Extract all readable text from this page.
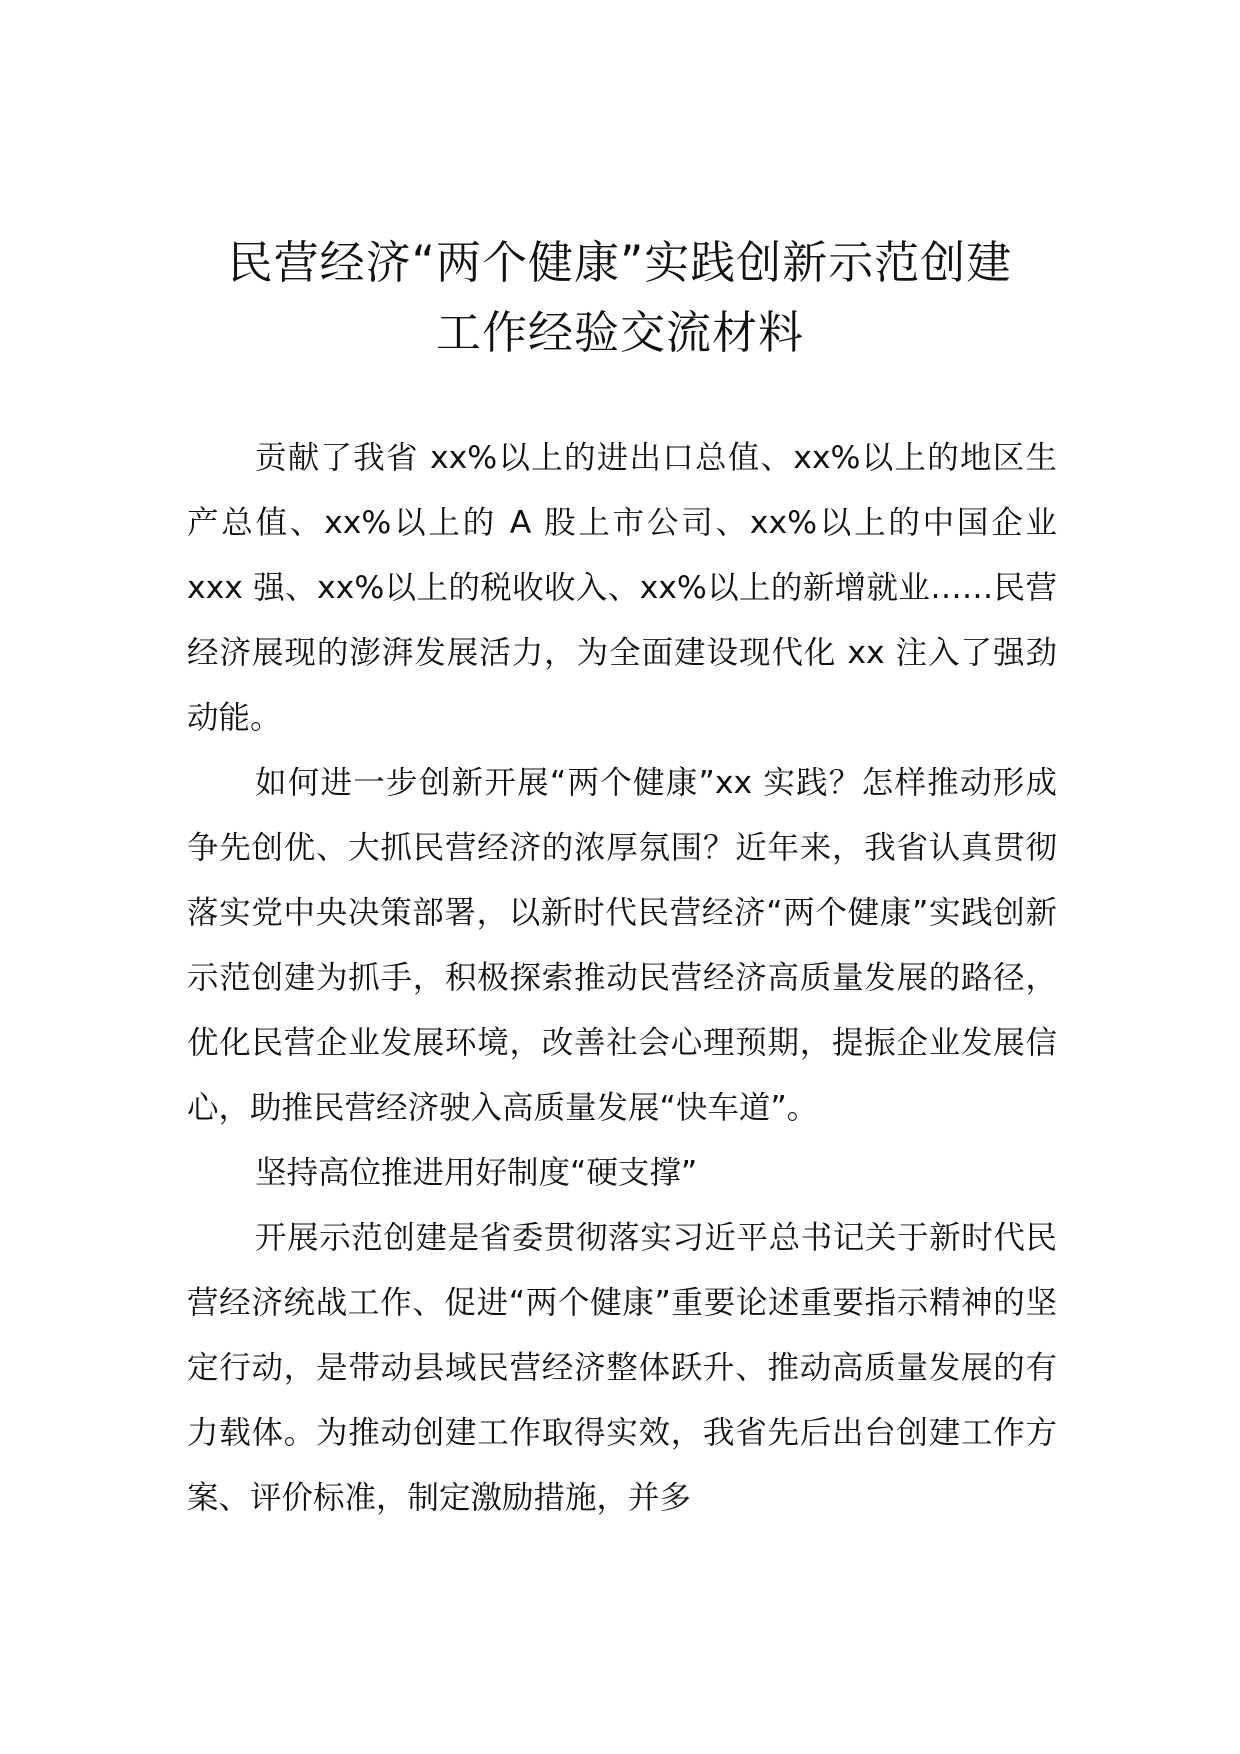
民营经济“两个健康”实践创新示范创建
工作经验交流材料

贡献了我省 xx%以上的进出口总值、xx%以上的地区生产总值、xx%以上的 A 股上市公司、xx%以上的中国企业 xxx 强、xx%以上的税收收入、xx%以上的新增就业……民营经济展现的澎湃发展活力，为全面建设现代化 xx 注入了强劲动能。

如何进一步创新开展“两个健康”xx 实践？怎样推动形成争先创优、大抓民营经济的浓厚氛围？近年来，我省认真贯彻落实党中央决策部署，以新时代民营经济“两个健康”实践创新示范创建为抓手，积极探索推动民营经济高质量发展的路径，优化民营企业发展环境，改善社会心理预期，提振企业发展信心，助推民营经济驶入高质量发展“快车道”。

坚持高位推进用好制度“硬支撑”

开展示范创建是省委贯彻落实习近平总书记关于新时代民营经济统战工作、促进“两个健康”重要论述重要指示精神的坚定行动，是带动县域民营经济整体跃升、推动高质量发展的有力载体。为推动创建工作取得实效，我省先后出台创建工作方案、评价标准，制定激励措施，并多
